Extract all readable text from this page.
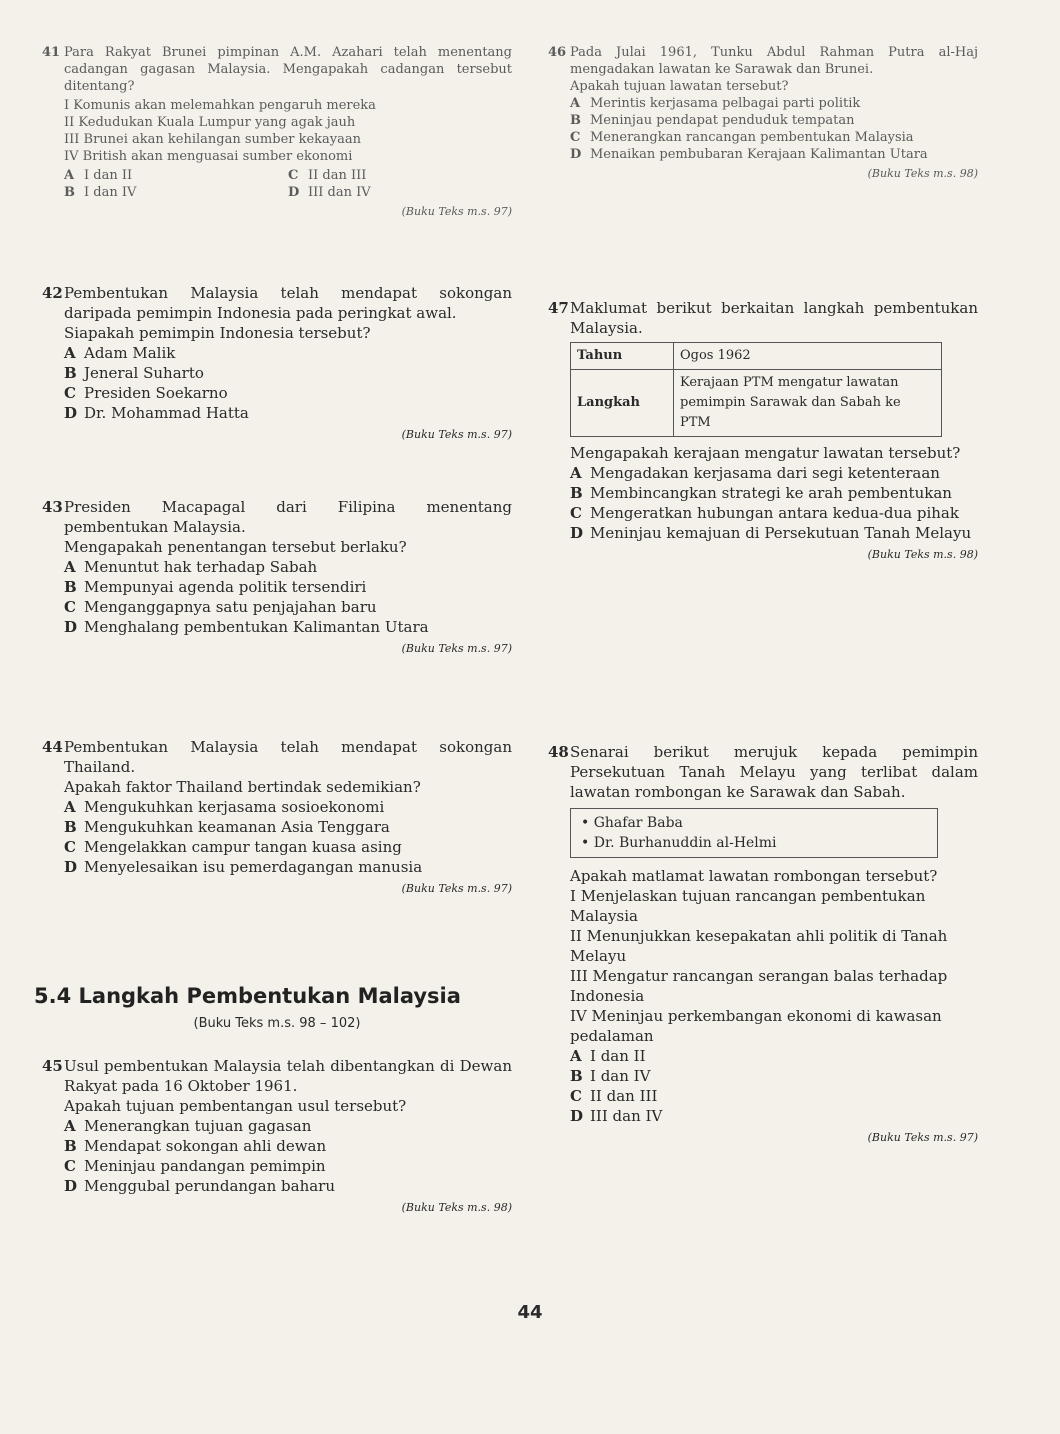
41 Para Rakyat Brunei pimpinan A.M. Azahari telah menentang cadangan gagasan Malaysia. Mengapakah cadangan tersebut ditentang?
I Komunis akan melemahkan pengaruh mereka
II Kedudukan Kuala Lumpur yang agak jauh
III Brunei akan kehilangan sumber kekayaan
IV British akan menguasai sumber ekonomi
A I dan II	C II dan III
B I dan IV	D III dan IV
(Buku Teks m.s. 97)
42 Pembentukan Malaysia telah mendapat sokongan daripada pemimpin Indonesia pada peringkat awal.
Siapakah pemimpin Indonesia tersebut?
A Adam Malik
B Jeneral Suharto
C Presiden Soekarno
D Dr. Mohammad Hatta
(Buku Teks m.s. 97)
43 Presiden Macapagal dari Filipina menentang pembentukan Malaysia.
Mengapakah penentangan tersebut berlaku?
A Menuntut hak terhadap Sabah
B Mempunyai agenda politik tersendiri
C Menganggapnya satu penjajahan baru
D Menghalang pembentukan Kalimantan Utara
(Buku Teks m.s. 97)
44 Pembentukan Malaysia telah mendapat sokongan Thailand.
Apakah faktor Thailand bertindak sedemikian?
A Mengukuhkan kerjasama sosioekonomi
B Mengukuhkan keamanan Asia Tenggara
C Mengelakkan campur tangan kuasa asing
D Menyelesaikan isu pemerdagangan manusia
(Buku Teks m.s. 97)
5.4 Langkah Pembentukan Malaysia
(Buku Teks m.s. 98 – 102)
45 Usul pembentukan Malaysia telah dibentangkan di Dewan Rakyat pada 16 Oktober 1961.
Apakah tujuan pembentangan usul tersebut?
A Menerangkan tujuan gagasan
B Mendapat sokongan ahli dewan
C Meninjau pandangan pemimpin
D Menggubal perundangan baharu
(Buku Teks m.s. 98)
46 Pada Julai 1961, Tunku Abdul Rahman Putra al-Haj mengadakan lawatan ke Sarawak dan Brunei.
Apakah tujuan lawatan tersebut?
A Merintis kerjasama pelbagai parti politik
B Meninjau pendapat penduduk tempatan
C Menerangkan rancangan pembentukan Malaysia
D Menaikan pembubaran Kerajaan Kalimantan Utara
(Buku Teks m.s. 98)
47 Maklumat berikut berkaitan langkah pembentukan Malaysia.
Tahun	Ogos 1962
Langkah	Kerajaan PTM mengatur lawatan pemimpin Sarawak dan Sabah ke PTM
Mengapakah kerajaan mengatur lawatan tersebut?
A Mengadakan kerjasama dari segi ketenteraan
B Membincangkan strategi ke arah pembentukan
C Mengeratkan hubungan antara kedua-dua pihak
D Meninjau kemajuan di Persekutuan Tanah Melayu
(Buku Teks m.s. 98)
48 Senarai berikut merujuk kepada pemimpin Persekutuan Tanah Melayu yang terlibat dalam lawatan rombongan ke Sarawak dan Sabah.
• Ghafar Baba
• Dr. Burhanuddin al-Helmi
Apakah matlamat lawatan rombongan tersebut?
I Menjelaskan tujuan rancangan pembentukan Malaysia
II Menunjukkan kesepakatan ahli politik di Tanah Melayu
III Mengatur rancangan serangan balas terhadap Indonesia
IV Meninjau perkembangan ekonomi di kawasan pedalaman
A I dan II
B I dan IV
C II dan III
D III dan IV
(Buku Teks m.s. 97)
44
